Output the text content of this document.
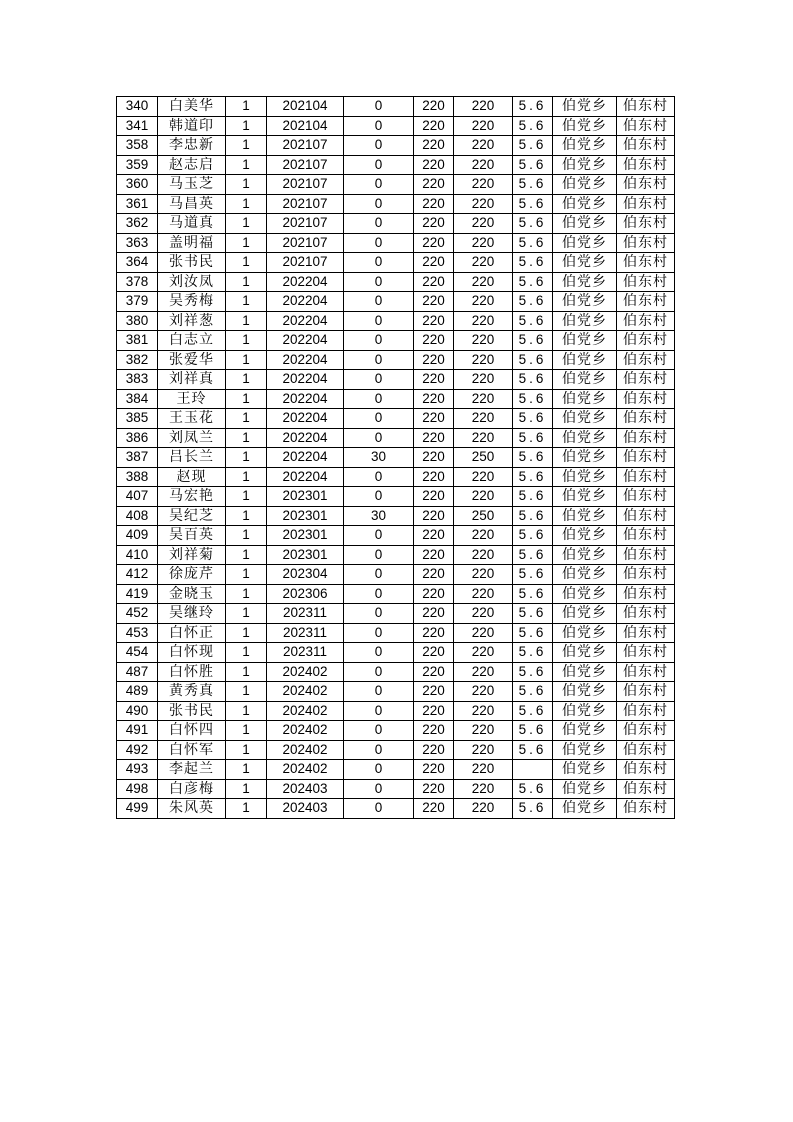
340	白美华	1	202104	0	220	220	5.6	伯党乡	伯东村
341	韩道印	1	202104	0	220	220	5.6	伯党乡	伯东村
358	李忠新	1	202107	0	220	220	5.6	伯党乡	伯东村
359	赵志启	1	202107	0	220	220	5.6	伯党乡	伯东村
360	马玉芝	1	202107	0	220	220	5.6	伯党乡	伯东村
361	马昌英	1	202107	0	220	220	5.6	伯党乡	伯东村
362	马道真	1	202107	0	220	220	5.6	伯党乡	伯东村
363	盖明福	1	202107	0	220	220	5.6	伯党乡	伯东村
364	张书民	1	202107	0	220	220	5.6	伯党乡	伯东村
378	刘汝凤	1	202204	0	220	220	5.6	伯党乡	伯东村
379	吴秀梅	1	202204	0	220	220	5.6	伯党乡	伯东村
380	刘祥葱	1	202204	0	220	220	5.6	伯党乡	伯东村
381	白志立	1	202204	0	220	220	5.6	伯党乡	伯东村
382	张爱华	1	202204	0	220	220	5.6	伯党乡	伯东村
383	刘祥真	1	202204	0	220	220	5.6	伯党乡	伯东村
384	王玲	1	202204	0	220	220	5.6	伯党乡	伯东村
385	王玉花	1	202204	0	220	220	5.6	伯党乡	伯东村
386	刘凤兰	1	202204	0	220	220	5.6	伯党乡	伯东村
387	吕长兰	1	202204	30	220	250	5.6	伯党乡	伯东村
388	赵现	1	202204	0	220	220	5.6	伯党乡	伯东村
407	马宏艳	1	202301	0	220	220	5.6	伯党乡	伯东村
408	吴纪芝	1	202301	30	220	250	5.6	伯党乡	伯东村
409	吴百英	1	202301	0	220	220	5.6	伯党乡	伯东村
410	刘祥菊	1	202301	0	220	220	5.6	伯党乡	伯东村
412	徐庞芹	1	202304	0	220	220	5.6	伯党乡	伯东村
419	金晓玉	1	202306	0	220	220	5.6	伯党乡	伯东村
452	吴继玲	1	202311	0	220	220	5.6	伯党乡	伯东村
453	白怀正	1	202311	0	220	220	5.6	伯党乡	伯东村
454	白怀现	1	202311	0	220	220	5.6	伯党乡	伯东村
487	白怀胜	1	202402	0	220	220	5.6	伯党乡	伯东村
489	黄秀真	1	202402	0	220	220	5.6	伯党乡	伯东村
490	张书民	1	202402	0	220	220	5.6	伯党乡	伯东村
491	白怀四	1	202402	0	220	220	5.6	伯党乡	伯东村
492	白怀军	1	202402	0	220	220	5.6	伯党乡	伯东村
493	李起兰	1	202402	0	220	220		伯党乡	伯东村
498	白彦梅	1	202403	0	220	220	5.6	伯党乡	伯东村
499	朱风英	1	202403	0	220	220	5.6	伯党乡	伯东村
